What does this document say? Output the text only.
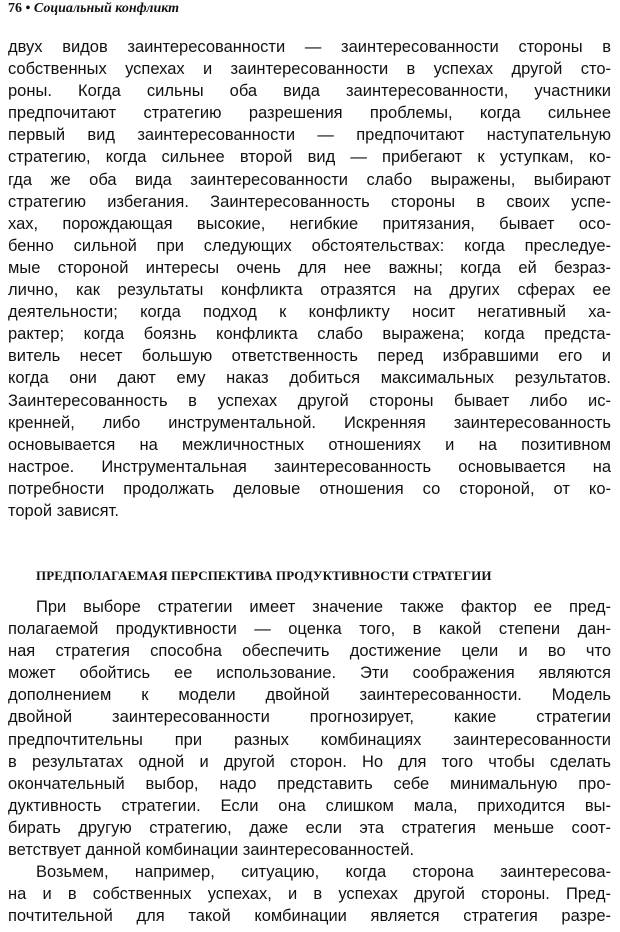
76 • Социальный конфликт
двух видов заинтересованности — заинтересованности стороны в
собственных успехах и заинтересованности в успехах другой сто-
роны. Когда сильны оба вида заинтересованности, участники
предпочитают стратегию разрешения проблемы, когда сильнее
первый вид заинтересованности — предпочитают наступательную
стратегию, когда сильнее второй вид — прибегают к уступкам, ко-
гда же оба вида заинтересованности слабо выражены, выбирают
стратегию избегания. Заинтересованность стороны в своих успе-
хах, порождающая высокие, негибкие притязания, бывает осо-
бенно сильной при следующих обстоятельствах: когда преследуе-
мые стороной интересы очень для нее важны; когда ей безраз-
лично, как результаты конфликта отразятся на других сферах ее
деятельности; когда подход к конфликту носит негативный ха-
рактер; когда боязнь конфликта слабо выражена; когда предста-
витель несет большую ответственность перед избравшими его и
когда они дают ему наказ добиться максимальных результатов.
Заинтересованность в успехах другой стороны бывает либо ис-
кренней, либо инструментальной. Искренняя заинтересованность
основывается на межличностных отношениях и на позитивном
настрое. Инструментальная заинтересованность основывается на
потребности продолжать деловые отношения со стороной, от ко-
торой зависят.
ПРЕДПОЛАГАЕМАЯ ПЕРСПЕКТИВА ПРОДУКТИВНОСТИ СТРАТЕГИИ
При выборе стратегии имеет значение также фактор ее пред-
полагаемой продуктивности — оценка того, в какой степени дан-
ная стратегия способна обеспечить достижение цели и во что
может обойтись ее использование. Эти соображения являются
дополнением к модели двойной заинтересованности. Модель
двойной заинтересованности прогнозирует, какие стратегии
предпочтительны при разных комбинациях заинтересованности
в результатах одной и другой сторон. Но для того чтобы сделать
окончательный выбор, надо представить себе минимальную про-
дуктивность стратегии. Если она слишком мала, приходится вы-
бирать другую стратегию, даже если эта стратегия меньше соот-
ветствует данной комбинации заинтересованностей.
Возьмем, например, ситуацию, когда сторона заинтересова-
на и в собственных успехах, и в успехах другой стороны. Пред-
почтительной для такой комбинации является стратегия разре-
